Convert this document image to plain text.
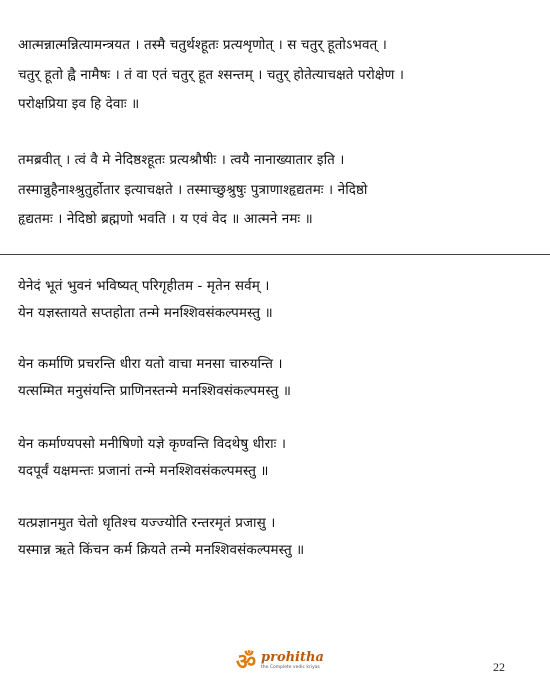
आत्मन्नात्मन्नित्यामन्त्रयत । तस्मै चतुर्थश्हूतः प्रत्यशृणोत् । स चतुर् हूतोऽभवत् ।
चतुर् हूतो ह्वै नामैषः । तं वा एतं चतुर् हूत श्सन्तम् । चतुर् होतेत्याचक्षते परोक्षेण ।
परोक्षप्रिया इव हि देवाः ॥
तमब्रवीत् । त्वं वै मे नेदिष्ठश्हूतः प्रत्यश्रौषीः । त्वयै नानाख्यातार इति ।
तस्मान्नुहैनाश्श्रुतुर्होतार इत्याचक्षते । तस्माच्छुश्रुषुः पुत्राणाश्हृद्यतमः । नेदिष्ठो
हृद्यतमः । नेदिष्ठो ब्रह्मणो भवति । य एवं वेद ॥ आत्मने नमः ॥
येनेदं भूतं भुवनं भविष्यत् परिगृहीतम - मृतेन सर्वम् ।
येन यज्ञस्तायते सप्तहोता तन्मे मनश्शिवसंकल्पमस्तु ॥
येन कर्माणि प्रचरन्ति धीरा यतो वाचा मनसा चारुयन्ति ।
यत्सम्मित मनुसंयन्ति प्राणिनस्तन्मे मनश्शिवसंकल्पमस्तु ॥
येन कर्माण्यपसो मनीषिणो यज्ञे कृण्वन्ति विदथेषु धीराः ।
यदपूर्वं यक्षमन्तः प्रजानां तन्मे मनश्शिवसंकल्पमस्तु ॥
यत्प्रज्ञानमुत चेतो धृतिश्च यज्ज्योति रन्तरमृतं प्रजासु ।
यस्मान्न ऋते किंचन कर्म क्रियते तन्मे मनश्शिवसंकल्पमस्तु ॥
ॐ prohitha
the Complete vedic kriyas	22
